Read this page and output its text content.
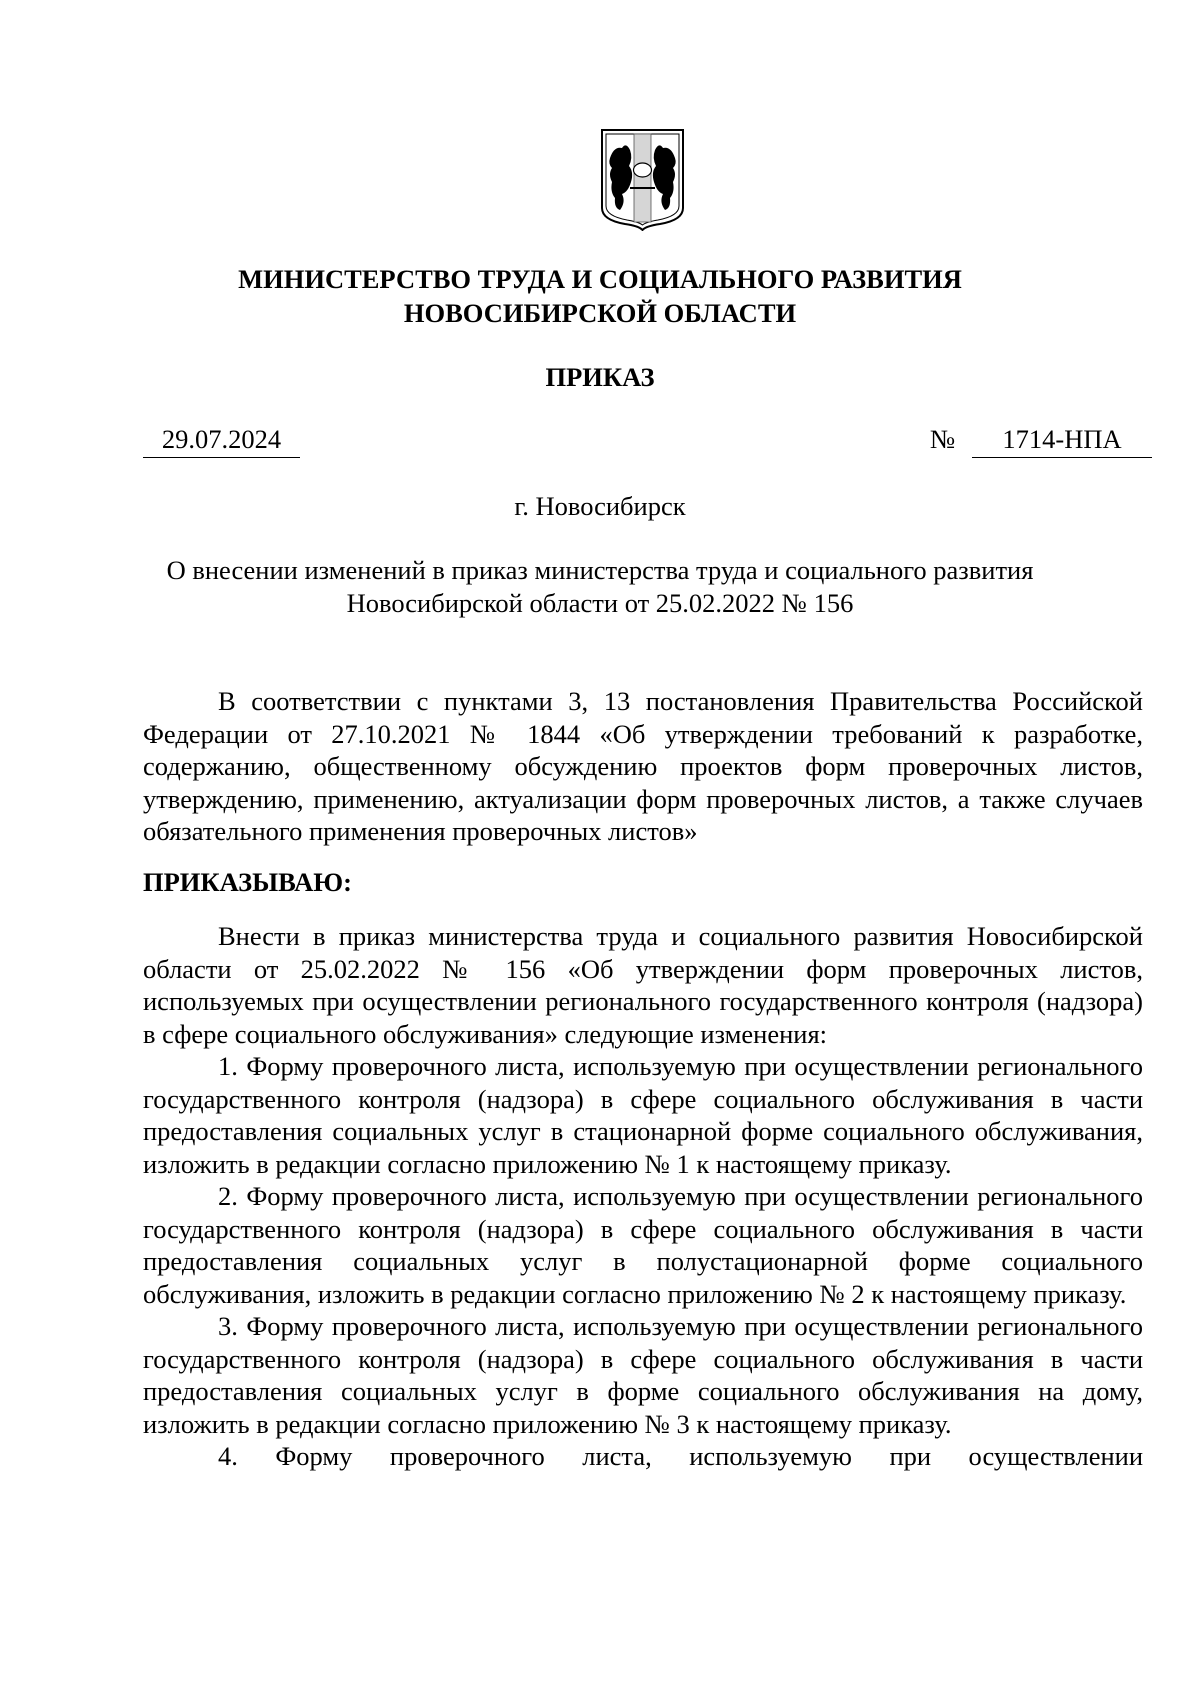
МИНИСТЕРСТВО ТРУДА И СОЦИАЛЬНОГО РАЗВИТИЯ
НОВОСИБИРСКОЙ ОБЛАСТИ
ПРИКАЗ
29.07.2024	№	1714-НПА
г. Новосибирск
О внесении изменений в приказ министерства труда и социального развития
Новосибирской области от 25.02.2022 № 156

В соответствии с пунктами 3, 13 постановления Правительства Российской Федерации от 27.10.2021 № 1844 «Об утверждении требований к разработке, содержанию, общественному обсуждению проектов форм проверочных листов, утверждению, применению, актуализации форм проверочных листов, а также случаев обязательного применения проверочных листов»

ПРИКАЗЫВАЮ:

Внести в приказ министерства труда и социального развития Новосибирской области от 25.02.2022 № 156 «Об утверждении форм проверочных листов, используемых при осуществлении регионального государственного контроля (надзора) в сфере социального обслуживания» следующие изменения:

1. Форму проверочного листа, используемую при осуществлении регионального государственного контроля (надзора) в сфере социального обслуживания в части предоставления социальных услуг в стационарной форме социального обслуживания, изложить в редакции согласно приложению № 1 к настоящему приказу.

2. Форму проверочного листа, используемую при осуществлении регионального государственного контроля (надзора) в сфере социального обслуживания в части предоставления социальных услуг в полустационарной форме социального обслуживания, изложить в редакции согласно приложению № 2 к настоящему приказу.

3. Форму проверочного листа, используемую при осуществлении регионального государственного контроля (надзора) в сфере социального обслуживания в части предоставления социальных услуг в форме социального обслуживания на дому, изложить в редакции согласно приложению № 3 к настоящему приказу.

4. Форму проверочного листа, используемую при осуществлении
